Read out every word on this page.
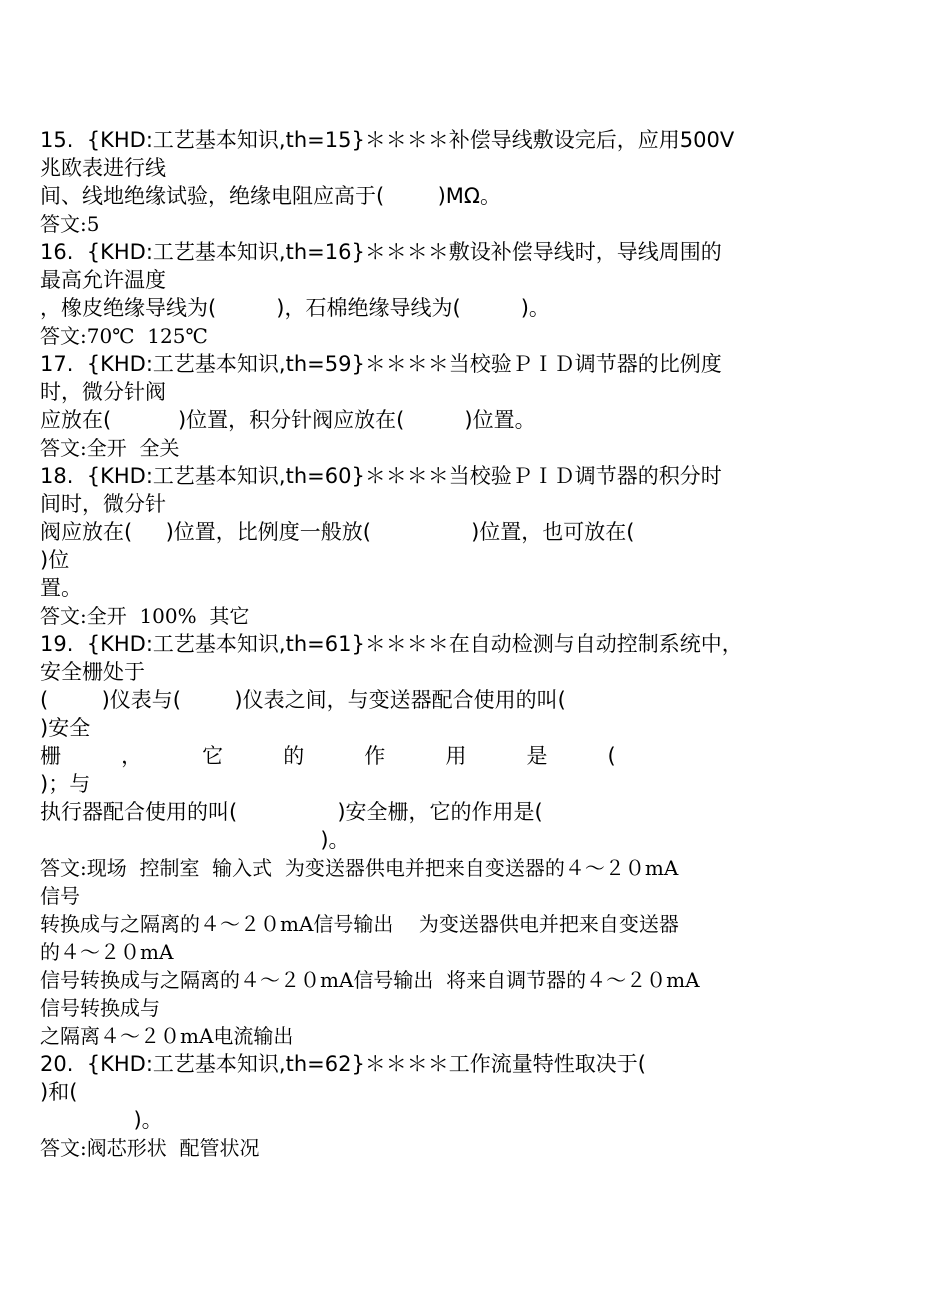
15.  {KHD:工艺基本知识,th=15}＊＊＊＊补偿导线敷设完后，应用500V
兆欧表进行线
间、线地绝缘试验，绝缘电阻应高于(        )MΩ。
答文:5
16.  {KHD:工艺基本知识,th=16}＊＊＊＊敷设补偿导线时，导线周围的
最高允许温度
，橡皮绝缘导线为(         )，石棉绝缘导线为(         )。
答文:70℃  125℃
17.  {KHD:工艺基本知识,th=59}＊＊＊＊当校验ＰＩＤ调节器的比例度
时，微分针阀
应放在(          )位置，积分针阀应放在(         )位置。
答文:全开  全关
18.  {KHD:工艺基本知识,th=60}＊＊＊＊当校验ＰＩＤ调节器的积分时
间时，微分针
阀应放在(     )位置，比例度一般放(               )位置，也可放在(
)位
置。
答文:全开  100%  其它
19.  {KHD:工艺基本知识,th=61}＊＊＊＊在自动检测与自动控制系统中，
安全栅处于
(        )仪表与(        )仪表之间，与变送器配合使用的叫(
)安全
栅         ，         它         的         作         用         是         (
)；与
执行器配合使用的叫(               )安全栅，它的作用是(
)。
答文:现场  控制室  输入式  为变送器供电并把来自变送器的４～２０mA
信号
转换成与之隔离的４～２０mA信号输出    为变送器供电并把来自变送器
的４～２０mA
信号转换成与之隔离的４～２０mA信号输出  将来自调节器的４～２０mA
信号转换成与
之隔离４～２０mA电流输出
20.  {KHD:工艺基本知识,th=62}＊＊＊＊工作流量特性取决于(
)和(
)。
答文:阀芯形状  配管状况
